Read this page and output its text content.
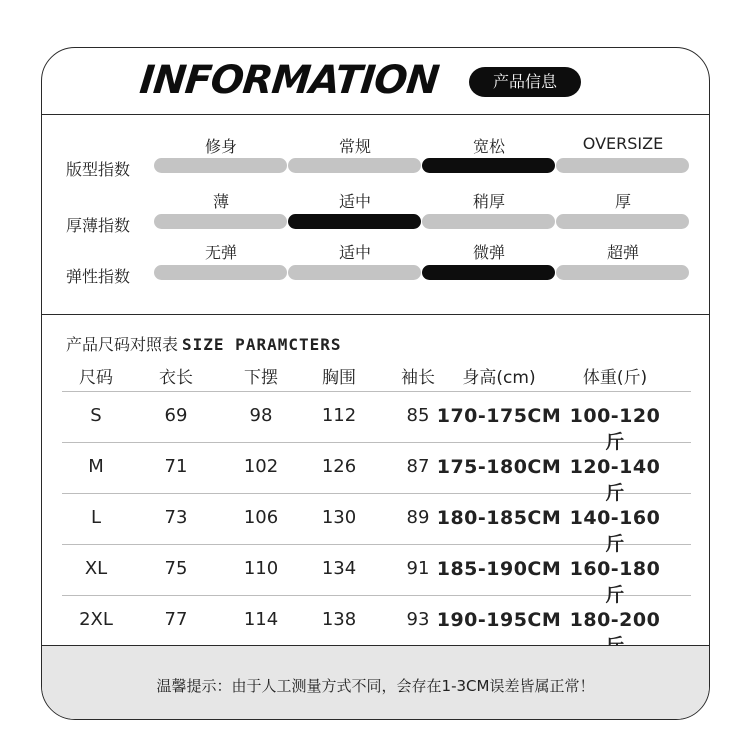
INFORMATION	产品信息
版型指数
修身	常规	宽松	OVERSIZE
厚薄指数
薄	适中	稍厚	厚
弹性指数
无弹	适中	微弹	超弹
产品尺码对照表 SIZE PARAMCTERS
尺码	衣长	下摆	胸围	袖长	身高(cm)	体重(斤)
S	69	98	112	85 170-175CM 100-120斤
M	71	102	126	87 175-180CM 120-140斤
L	73	106	130	89 180-185CM 140-160斤
XL	75	110	134	91 185-190CM 160-180斤
2XL	77	114	138	93 190-195CM 180-200
温馨提示：由于人工测量方式不同，会存在1-3CM误差皆属正常！
